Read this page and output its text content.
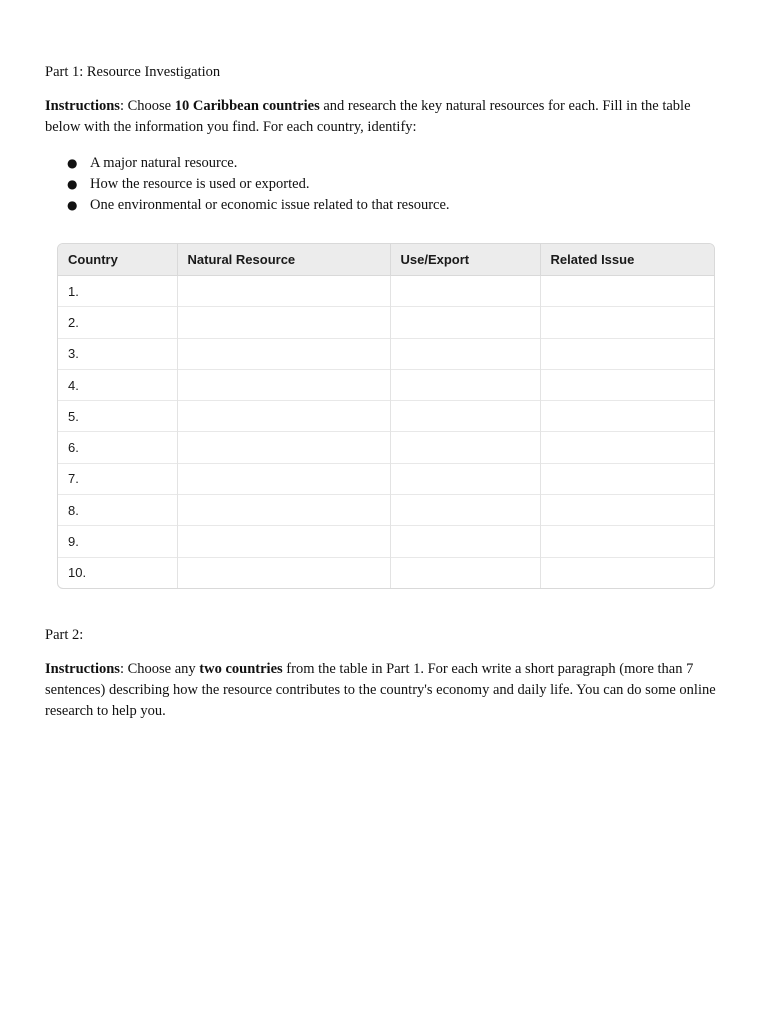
Part 1: Resource Investigation

Instructions: Choose 10 Caribbean countries and research the key natural resources for each. Fill in the table below with the information you find. For each country, identify:

● A major natural resource.
● How the resource is used or exported.
● One environmental or economic issue related to that resource.
Country	Natural Resource	Use/Export	Related Issue
1.			
2.			
3.			
4.			
5.			
6.			
7.			
8.			
9.			
10.			

Part 2:

Instructions: Choose any two countries from the table in Part 1. For each write a short paragraph (more than 7 sentences) describing how the resource contributes to the country's economy and daily life. You can do some online research to help you.
